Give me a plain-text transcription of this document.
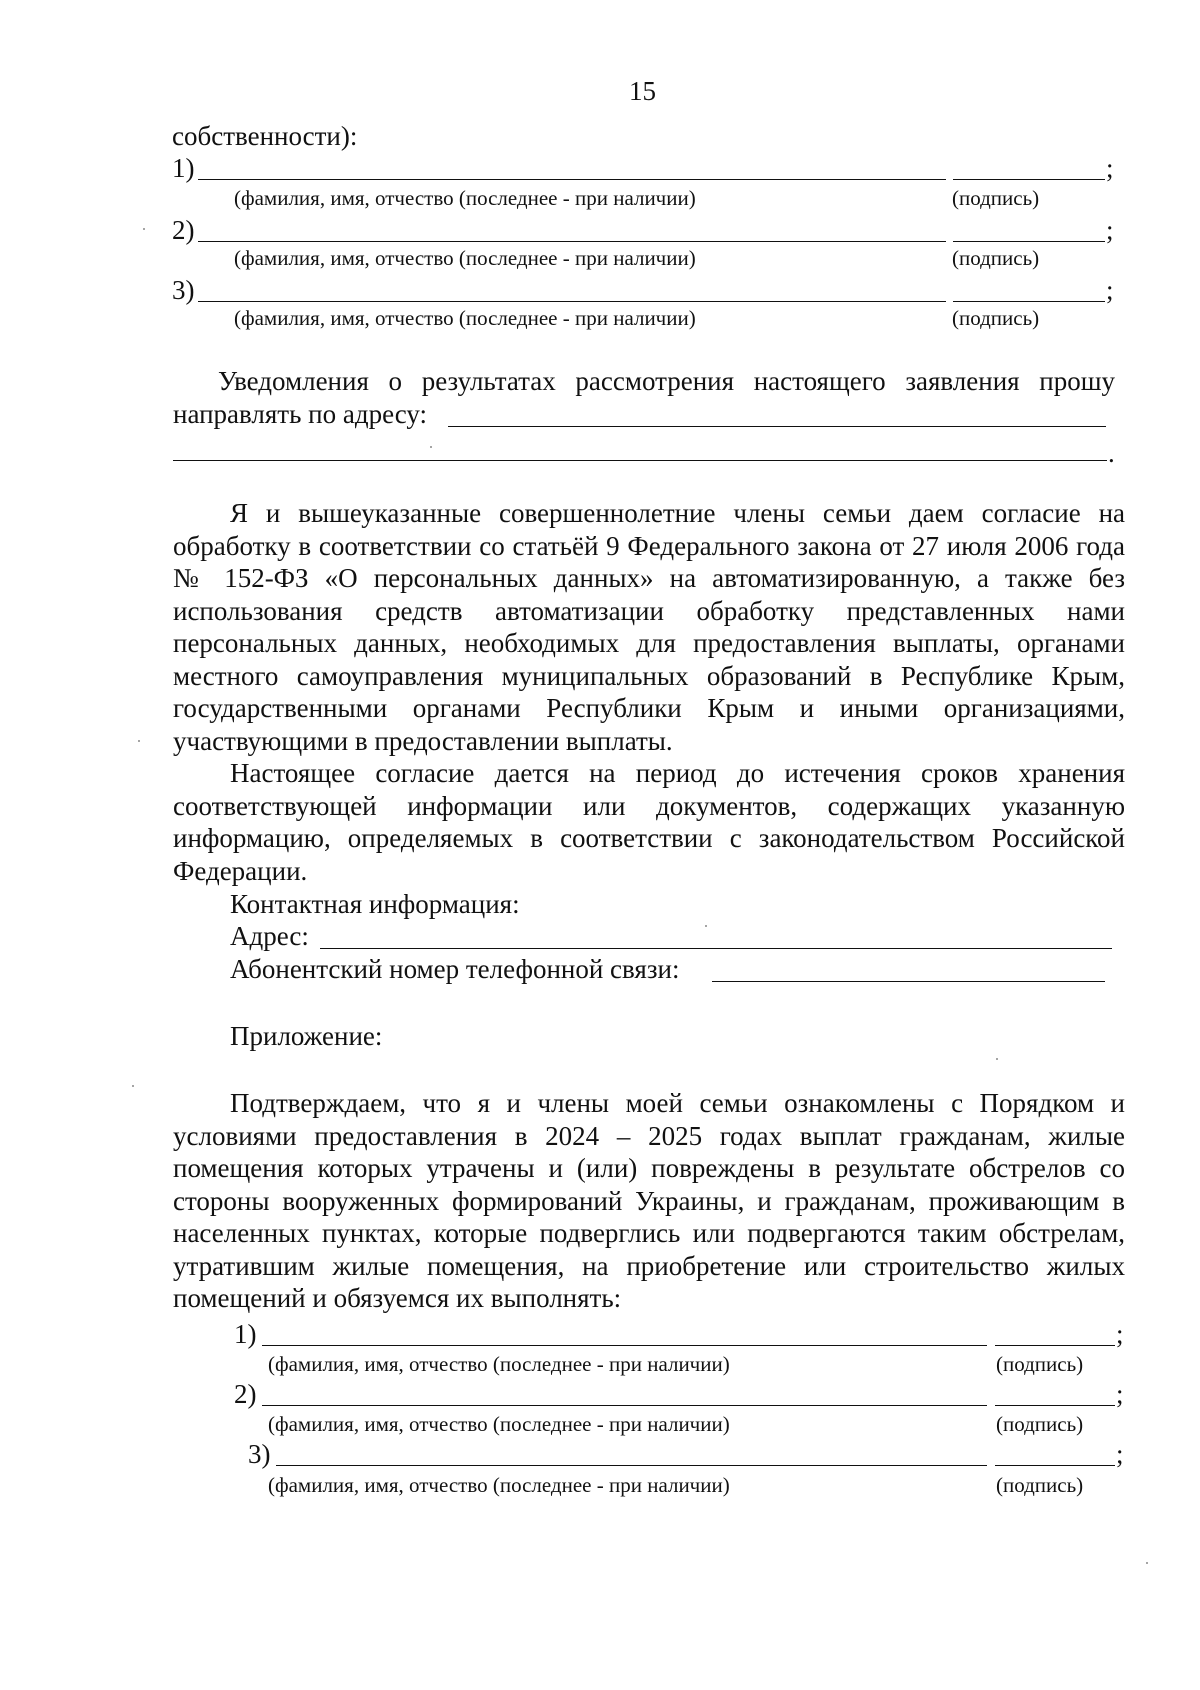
15
собственности):
1)	;
(фамилия, имя, отчество (последнее - при наличии)	(подпись)
2)	;
(фамилия, имя, отчество (последнее - при наличии)	(подпись)
3)	;
(фамилия, имя, отчество (последнее - при наличии)	(подпись)
Уведомления о результатах рассмотрения настоящего заявления прошу
направлять по адресу:
.

Я и вышеуказанные совершеннолетние члены семьи даем согласие на обработку в соответствии со статьёй 9 Федерального закона от 27 июля 2006 года № 152-ФЗ «О персональных данных» на автоматизированную, а также без использования средств автоматизации обработку представленных нами персональных данных, необходимых для предоставления выплаты, органами местного самоуправления муниципальных образований в Республике Крым, государственными органами Республики Крым и иными организациями, участвующими в предоставлении выплаты.

Настоящее согласие дается на период до истечения сроков хранения соответствующей информации или документов, содержащих указанную информацию, определяемых в соответствии с законодательством Российской Федерации.

Контактная информация:
Адрес:
Абонентский номер телефонной связи:
Приложение:

Подтверждаем, что я и члены моей семьи ознакомлены с Порядком и условиями предоставления в 2024 – 2025 годах выплат гражданам, жилые помещения которых утрачены и (или) повреждены в результате обстрелов со стороны вооруженных формирований Украины, и гражданам, проживающим в населенных пунктах, которые подверглись или подвергаются таким обстрелам, утратившим жилые помещения, на приобретение или строительство жилых помещений и обязуемся их выполнять:

1)	;
(фамилия, имя, отчество (последнее - при наличии)	(подпись)
2)	;
(фамилия, имя, отчество (последнее - при наличии)	(подпись)
3)	;
(фамилия, имя, отчество (последнее - при наличии)	(подпись)
